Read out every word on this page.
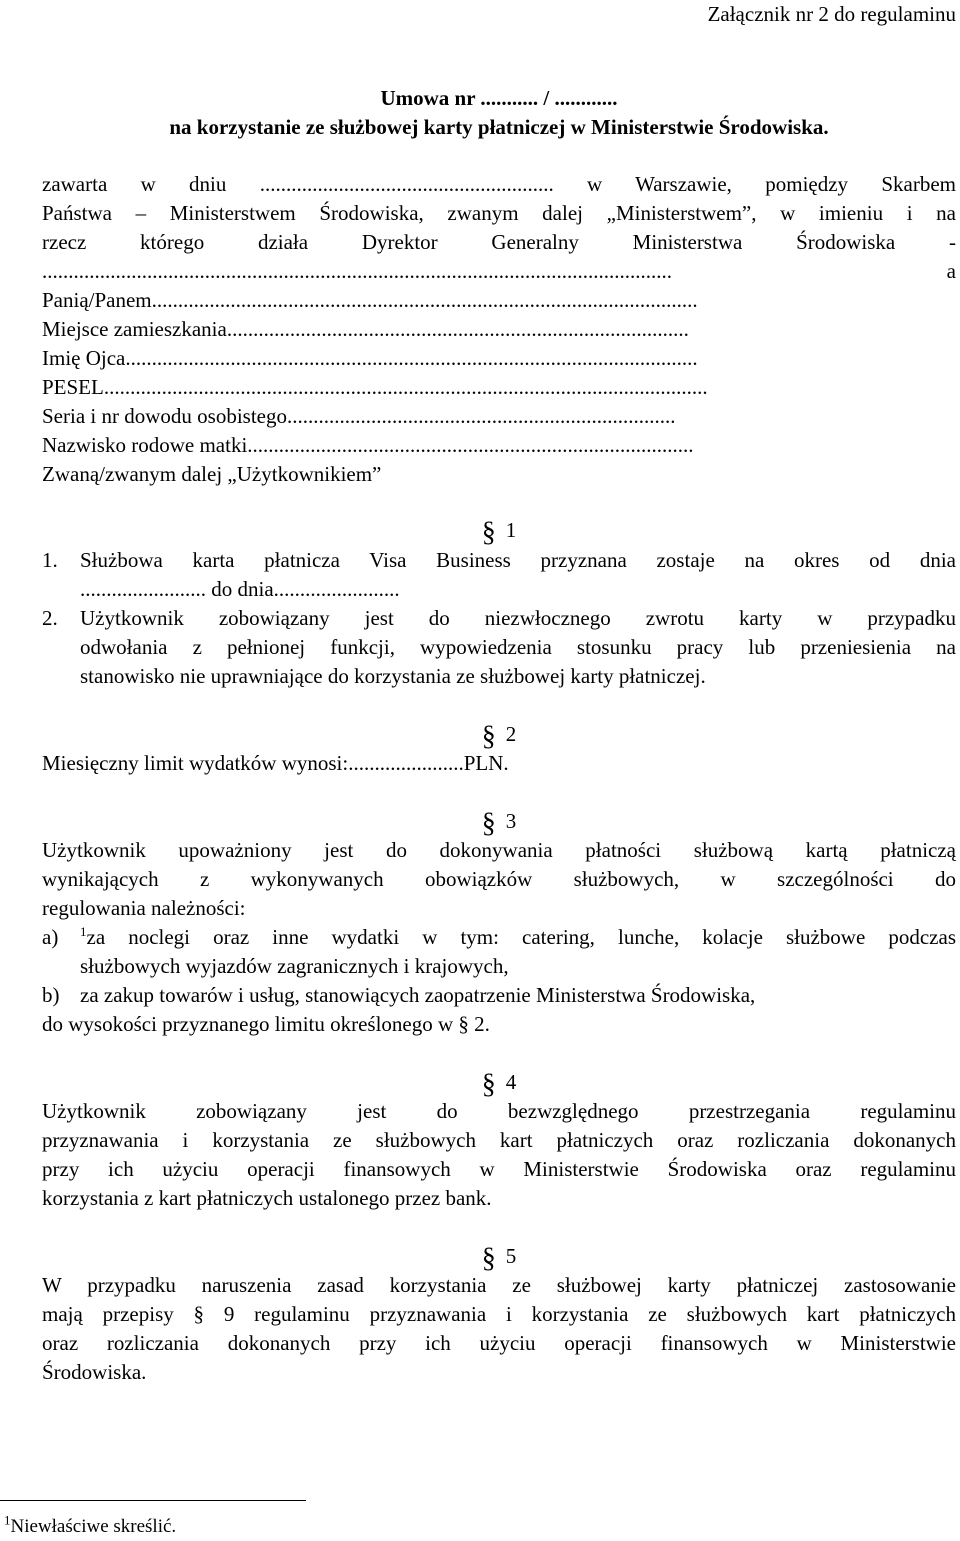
Załącznik nr 2 do regulaminu
Umowa nr ........... / ............
na korzystanie ze służbowej karty płatniczej w Ministerstwie Środowiska.
zawarta w dniu ........................................................ w Warszawie, pomiędzy Skarbem
Państwa – Ministerstwem Środowiska, zwanym dalej „Ministerstwem”, w imieniu i na
rzecz którego działa Dyrektor Generalny Ministerstwa Środowiska -
........................................................................................................................ a
Panią/Panem........................................................................................................
Miejsce zamieszkania........................................................................................
Imię Ojca.............................................................................................................
PESEL...................................................................................................................
Seria i nr dowodu osobistego..........................................................................
Nazwisko rodowe matki.....................................................................................
Zwaną/zwanym dalej „Użytkownikiem”
§ 1
1.	Służbowa karta płatnicza Visa Business przyznana zostaje na okres od dnia
........................ do dnia........................
2.	Użytkownik zobowiązany jest do niezwłocznego zwrotu karty w przypadku
odwołania z pełnionej funkcji, wypowiedzenia stosunku pracy lub przeniesienia na
stanowisko nie uprawniające do korzystania ze służbowej karty płatniczej.
§ 2
Miesięczny limit wydatków wynosi:......................PLN.
§ 3
Użytkownik upoważniony jest do dokonywania płatności służbową kartą płatniczą
wynikających z wykonywanych obowiązków służbowych, w szczególności do
regulowania należności:
a)	$^1$za noclegi oraz inne wydatki w tym: catering, lunche, kolacje służbowe podczas
służbowych wyjazdów zagranicznych i krajowych,
b) za zakup towarów i usług, stanowiących zaopatrzenie Ministerstwa Środowiska,
do wysokości przyznanego limitu określonego w § 2.
§ 4
Użytkownik zobowiązany jest do bezwzględnego przestrzegania regulaminu
przyznawania i korzystania ze służbowych kart płatniczych oraz rozliczania dokonanych
przy ich użyciu operacji finansowych w Ministerstwie Środowiska oraz regulaminu
korzystania z kart płatniczych ustalonego przez bank.
§ 5
W przypadku naruszenia zasad korzystania ze służbowej karty płatniczej zastosowanie
mają przepisy § 9 regulaminu przyznawania i korzystania ze służbowych kart płatniczych
oraz rozliczania dokonanych przy ich użyciu operacji finansowych w Ministerstwie
Środowiska.
$^1$Niewłaściwe skreślić.
